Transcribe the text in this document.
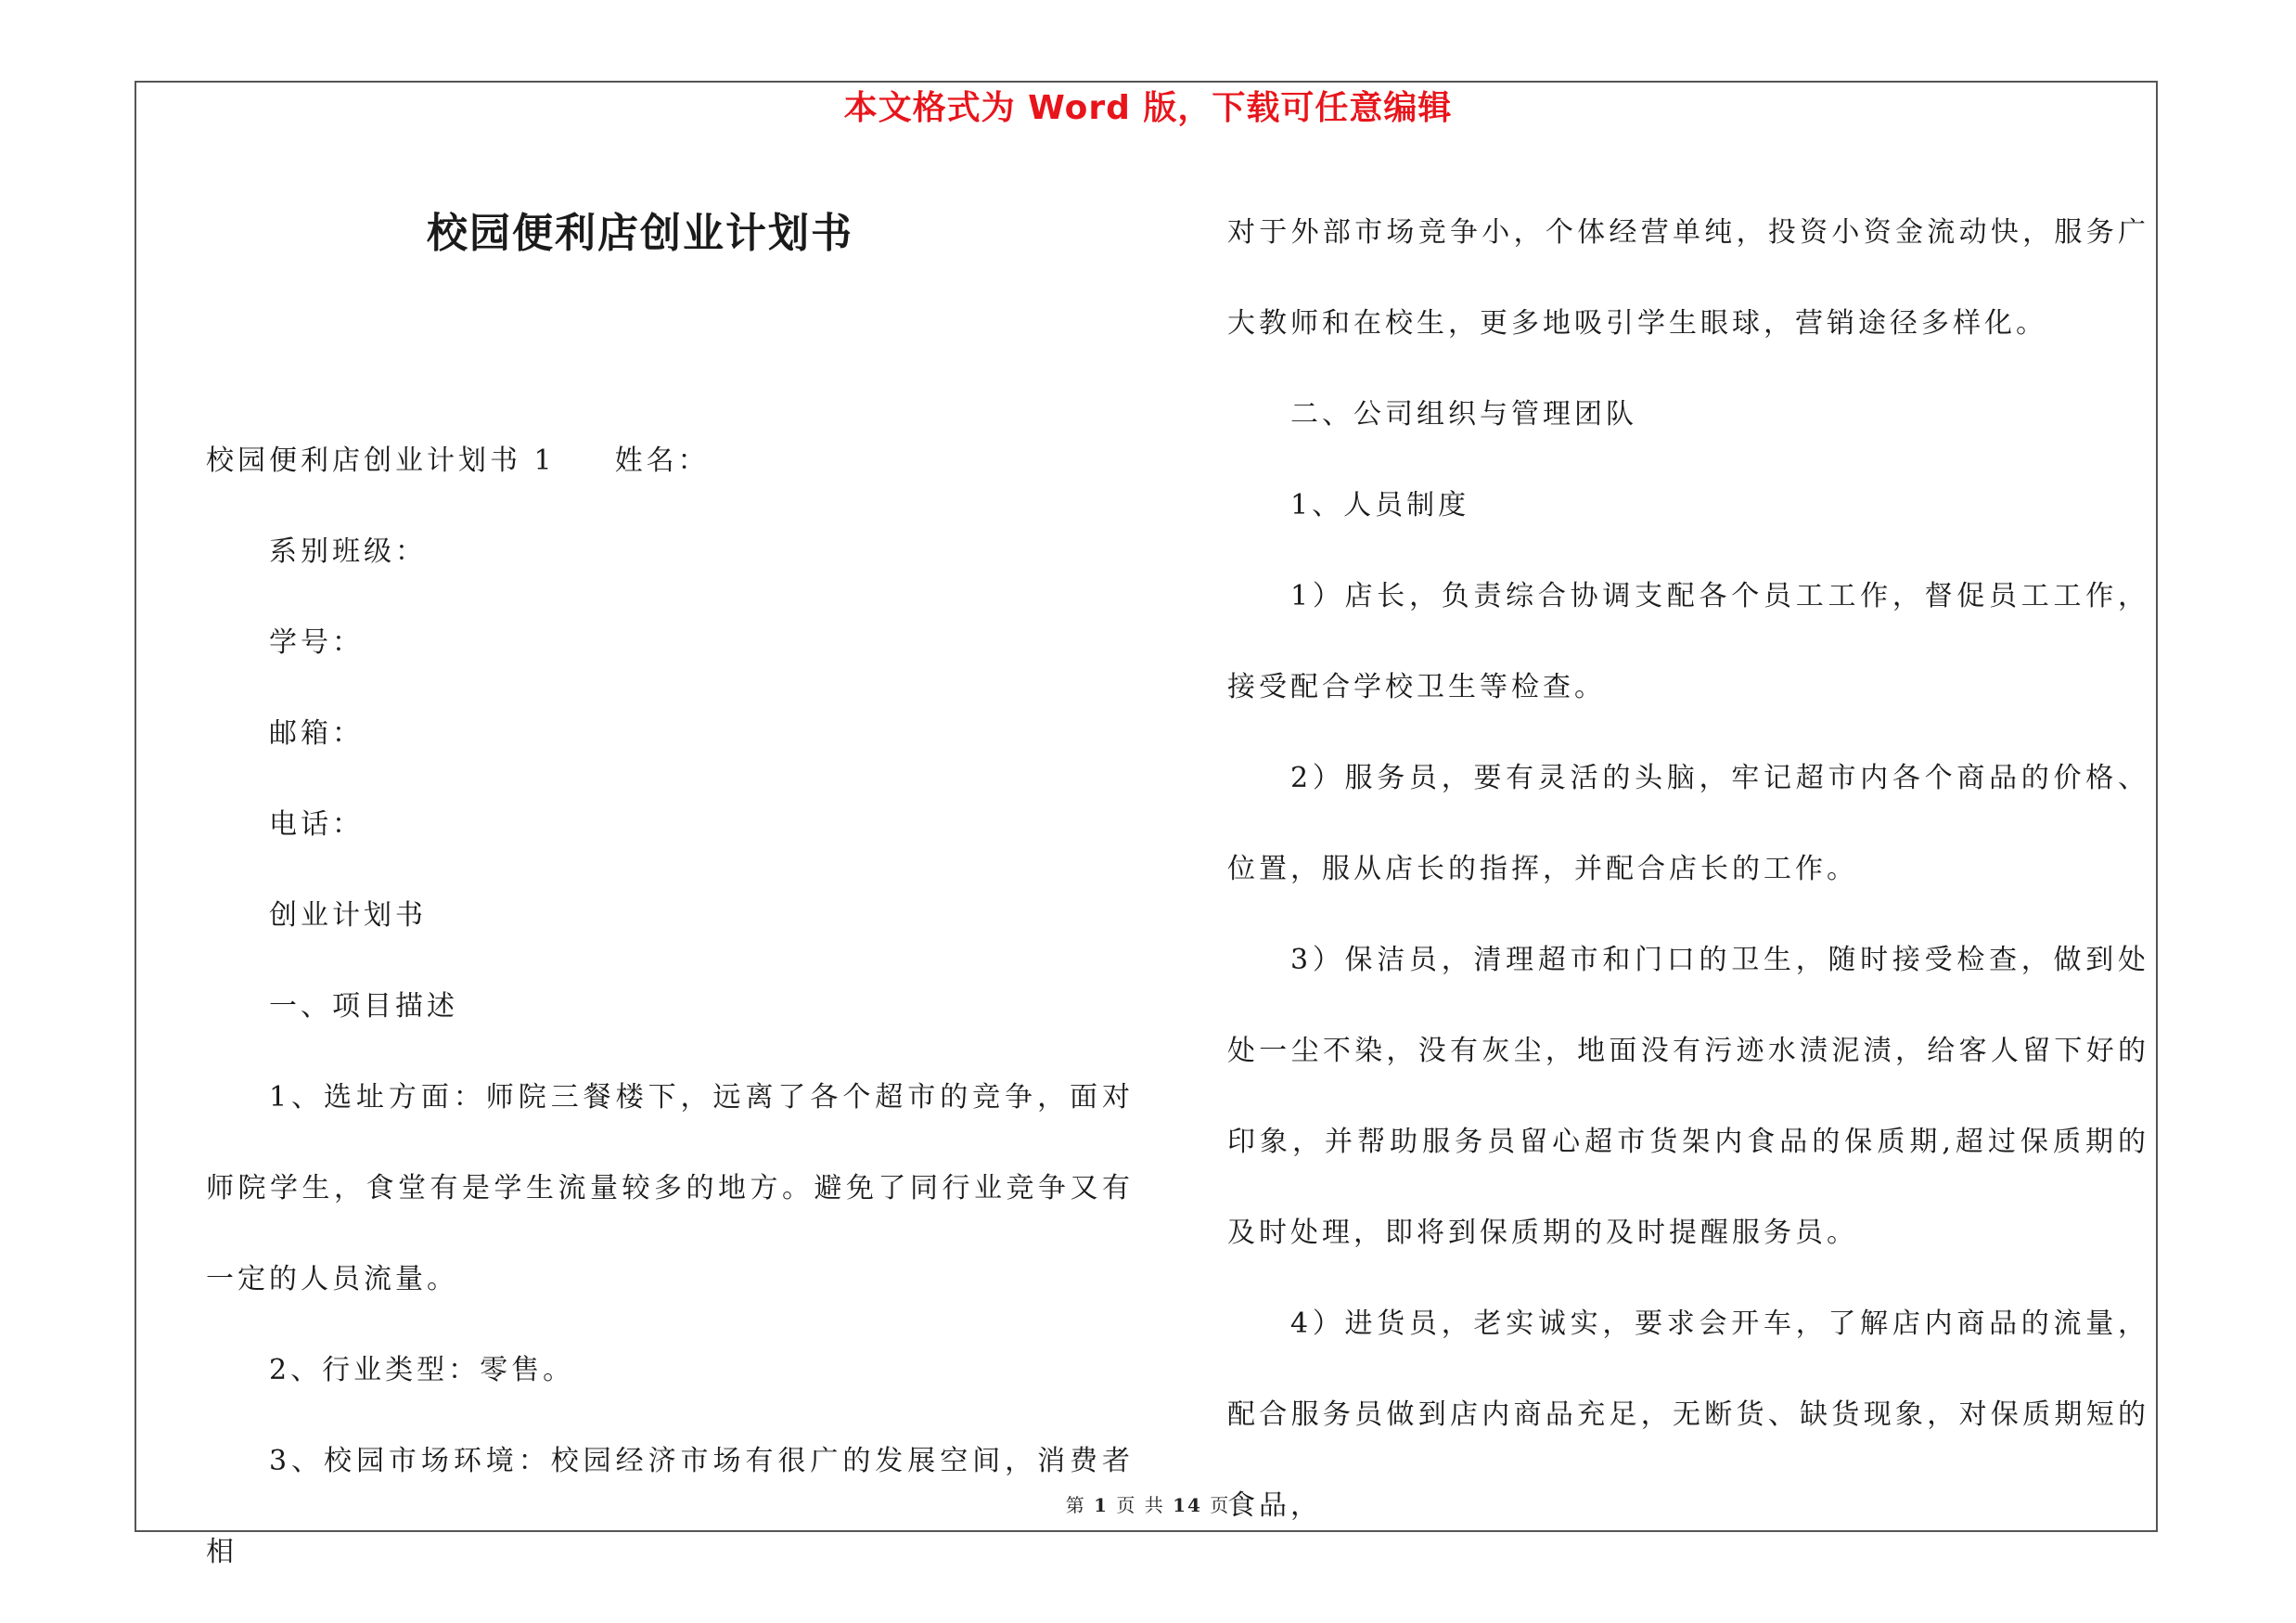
本文格式为 Word 版，下载可任意编辑
校园便利店创业计划书

校园便利店创业计划书 1 姓名：

系别班级：

学号：

邮箱：

电话：

创业计划书

一、项目描述

1、选址方面：师院三餐楼下，远离了各个超市的竞争，面对师院学生，食堂有是学生流量较多的地方。避免了同行业竞争又有一定的人员流量。

2、行业类型：零售。

3、校园市场环境：校园经济市场有很广的发展空间，消费者相

对于外部市场竞争小，个体经营单纯，投资小资金流动快，服务广大教师和在校生，更多地吸引学生眼球，营销途径多样化。

二、公司组织与管理团队

1、人员制度

1）店长，负责综合协调支配各个员工工作，督促员工工作，接受配合学校卫生等检查。

2）服务员，要有灵活的头脑，牢记超市内各个商品的价格、位置，服从店长的指挥，并配合店长的工作。

3）保洁员，清理超市和门口的卫生，随时接受检查，做到处处一尘不染，没有灰尘，地面没有污迹水渍泥渍，给客人留下好的印象，并帮助服务员留心超市货架内食品的保质期,超过保质期的及时处理，即将到保质期的及时提醒服务员。

4）进货员，老实诚实，要求会开车，了解店内商品的流量，配合服务员做到店内商品充足，无断货、缺货现象，对保质期短的食品，

第 1 页 共 14 页
